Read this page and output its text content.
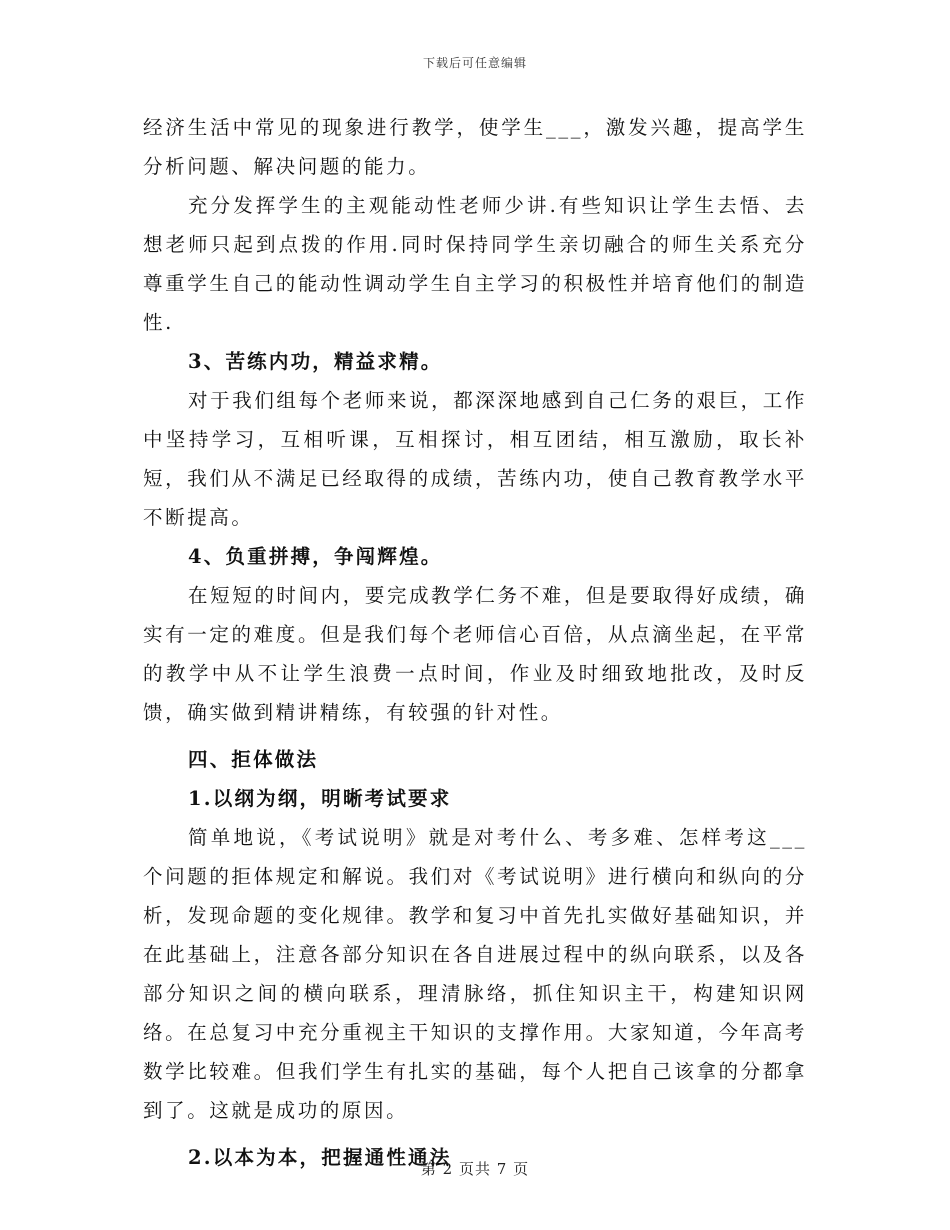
下载后可任意编辑

经济生活中常见的现象进行教学，使学生___，激发兴趣，提高学生分析问题、解决问题的能力。

充分发挥学生的主观能动性老师少讲.有些知识让学生去悟、去想老师只起到点拨的作用.同时保持同学生亲切融合的师生关系充分尊重学生自己的能动性调动学生自主学习的积极性并培育他们的制造性.

3、苦练内功，精益求精。

对于我们组每个老师来说，都深深地感到自己仁务的艰巨，工作中坚持学习，互相听课，互相探讨，相互团结，相互激励，取长补短，我们从不满足已经取得的成绩，苦练内功，使自己教育教学水平不断提高。

4、负重拼搏，争闯辉煌。

在短短的时间内，要完成教学仁务不难，但是要取得好成绩，确实有一定的难度。但是我们每个老师信心百倍，从点滴坐起，在平常的教学中从不让学生浪费一点时间，作业及时细致地批改，及时反馈，确实做到精讲精练，有较强的针对性。

四、拒体做法

1.以纲为纲，明晰考试要求

简单地说，《考试说明》就是对考什么、考多难、怎样考这___个问题的拒体规定和解说。我们对《考试说明》进行横向和纵向的分析，发现命题的变化规律。教学和复习中首先扎实做好基础知识，并在此基础上，注意各部分知识在各自进展过程中的纵向联系，以及各部分知识之间的横向联系，理清脉络，抓住知识主干，构建知识网络。在总复习中充分重视主干知识的支撑作用。大家知道，今年高考数学比较难。但我们学生有扎实的基础，每个人把自己该拿的分都拿到了。这就是成功的原因。

2.以本为本，把握通性通法

第 2 页共 7 页
